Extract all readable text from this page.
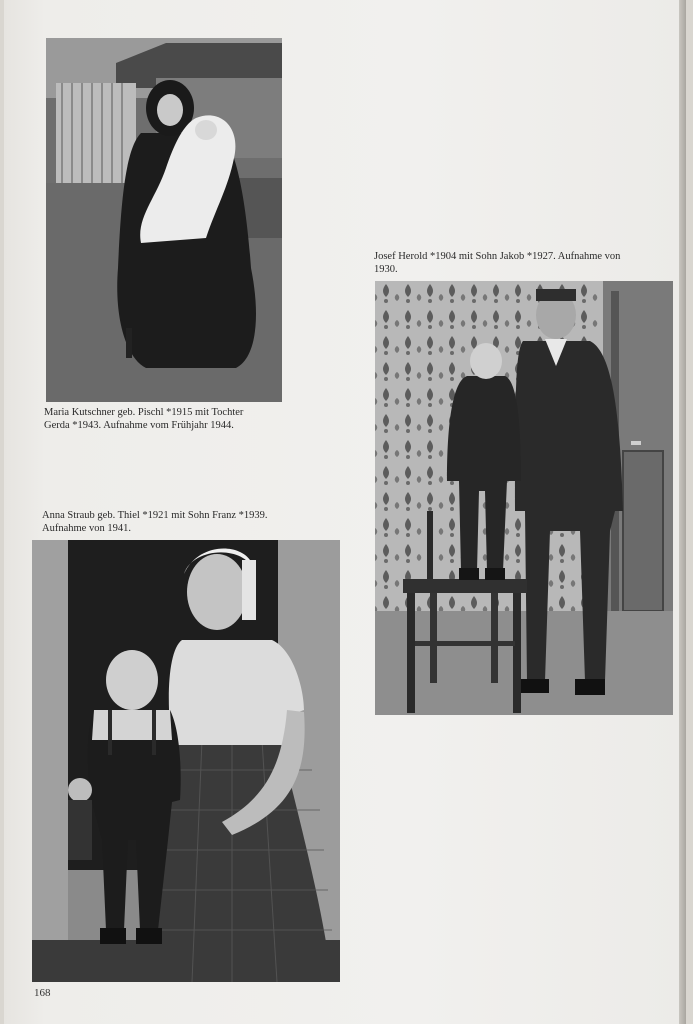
Maria Kutschner geb. Pischl *1915 mit Tochter
Gerda *1943. Aufnahme vom Frühjahr 1944.

Josef Herold *1904 mit Sohn Jakob *1927. Aufnahme von
1930.

Anna Straub geb. Thiel *1921 mit Sohn Franz *1939.
Aufnahme von 1941.

168
